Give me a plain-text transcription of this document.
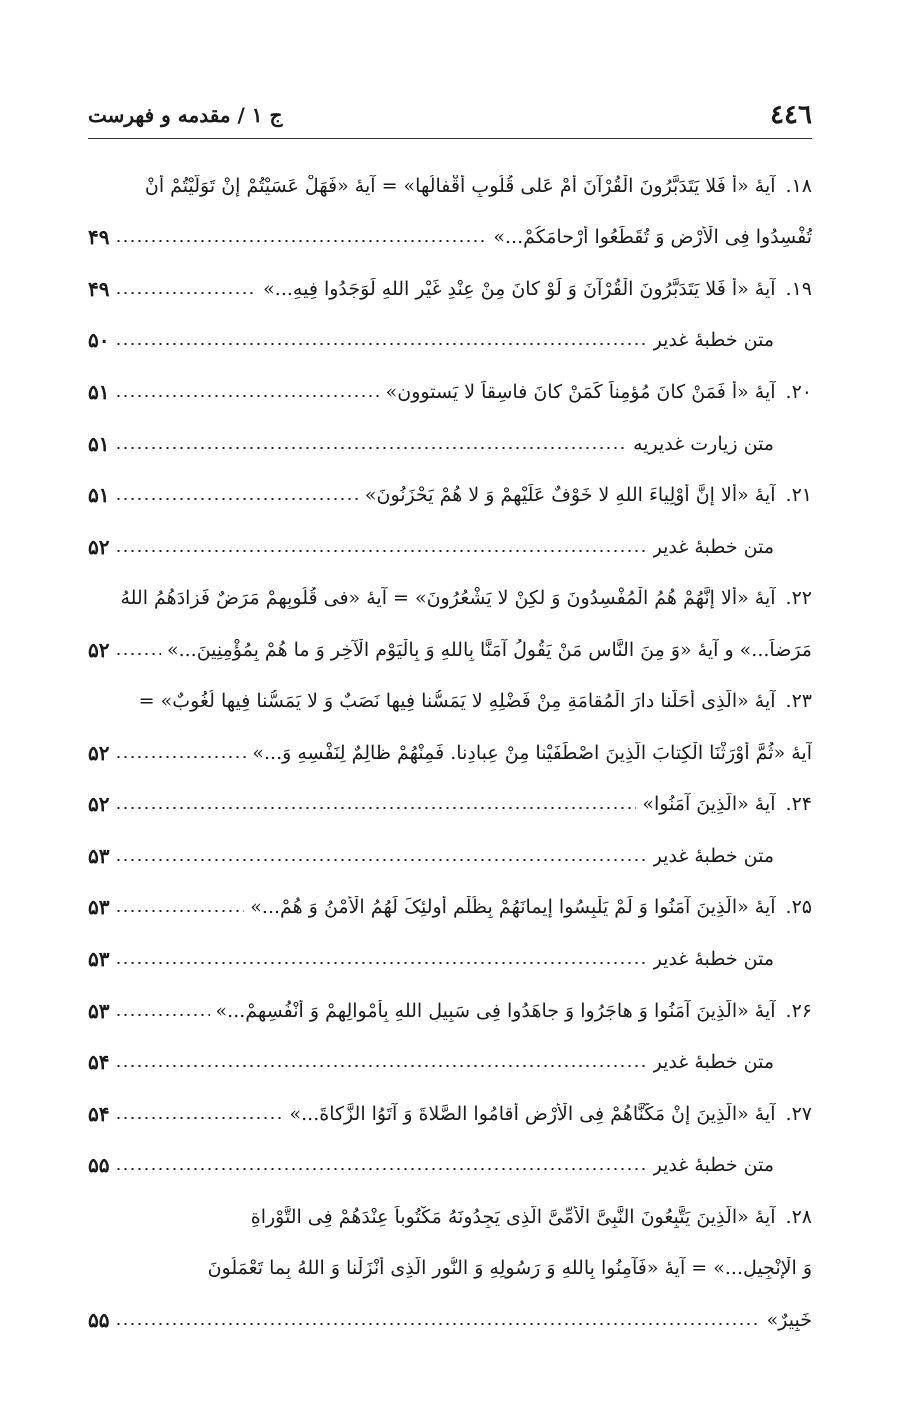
٤٤٦
ج ۱ / مقدمه و فهرست
۱۸.
آیهٔ «أَ فَلا یَتَدَبَّرُونَ الْقُرْآنَ أَمْ عَلی قُلُوبٍ أَقْفالُها» = آیهٔ «فَهَلْ عَسَیْتُمْ إِنْ تَوَلَّیْتُمْ أَنْ
تُفْسِدُوا فِی الْأَرْضِ وَ تُقَطِّعُوا أَرْحامَکُمْ...»
۴۹
۱۹.
آیهٔ «أَ فَلا یَتَدَبَّرُونَ الْقُرْآنَ وَ لَوْ کانَ مِنْ عِنْدِ غَیْرِ اللهِ لَوَجَدُوا فِیهِ...»
۴۹
متن خطبهٔ غدیر
۵۰
۲۰.
آیهٔ «أَ فَمَنْ کانَ مُؤمِناً کَمَنْ کانَ فاسِقاً لا یَستوون»
۵۱
متن زیارت غدیریه
۵۱
۲۱.
آیهٔ «أَلا إِنَّ أَوْلِیاءَ اللهِ لا خَوْفٌ عَلَیْهِمْ وَ لا هُمْ یَحْزَنُونَ»
۵۱
متن خطبهٔ غدیر
۵۲
۲۲.
آیهٔ «أَلا إِنَّهُمْ هُمُ الْمُفْسِدُونَ وَ لکِنْ لا یَشْعُرُونَ» = آیهٔ «فی قُلُوبِهِمْ مَرَضٌ فَزادَهُمُ اللهُ
مَرَضاً...» و آیهٔ «وَ مِنَ النَّاسِ مَنْ یَقُولُ آمَنَّا بِاللهِ وَ بِالْیَوْمِ الْآخِرِ وَ ما هُمْ بِمُؤْمِنِینَ...»
۵۲
۲۳.
آیهٔ «الَّذِی أَحَلَّنا دارَ الْمُقامَةِ مِنْ فَضْلِهِ لا یَمَسُّنا فِیها نَصَبٌ وَ لا یَمَسُّنا فِیها لُغُوبٌ» =
آیهٔ «ثُمَّ أَوْرَثْنَا الْکِتابَ الَّذِینَ اصْطَفَیْنا مِنْ عِبادِنا. فَمِنْهُمْ ظالِمٌ لِنَفْسِهِ وَ...»
۵۲
۲۴.
آیهٔ «الَّذِینَ آمَنُوا»
۵۲
متن خطبهٔ غدیر
۵۳
۲۵.
آیهٔ «الَّذِینَ آمَنُوا وَ لَمْ یَلْبِسُوا إِیمانَهُمْ بِظُلْمٍ أُولئِکَ لَهُمُ الْأَمْنُ وَ هُمْ...»
۵۳
متن خطبهٔ غدیر
۵۳
۲۶.
آیهٔ «الَّذِینَ آمَنُوا وَ هاجَرُوا وَ جاهَدُوا فِی سَبِیلِ اللهِ بِأَمْوالِهِمْ وَ أَنْفُسِهِمْ...»
۵۳
متن خطبهٔ غدیر
۵۴
۲۷.
آیهٔ «الَّذِینَ إِنْ مَکَّنَّاهُمْ فِی الْأَرْضِ أَقامُوا الصَّلاةَ وَ آتَوُا الزَّکاةَ...»
۵۴
متن خطبهٔ غدیر
۵۵
۲۸.
آیهٔ «الَّذِینَ یَتَّبِعُونَ النَّبِیَّ الْأُمِّیَّ الَّذِی یَجِدُونَهُ مَکْتُوباً عِنْدَهُمْ فِی التَّوْراةِ
وَ الْإِنْجِیلِ...» = آیهٔ «فَآمِنُوا بِاللهِ وَ رَسُولِهِ وَ النُّورِ الَّذِی أَنْزَلْنا وَ اللهُ بِما تَعْمَلُونَ
خَبِیرٌ»
۵۵
